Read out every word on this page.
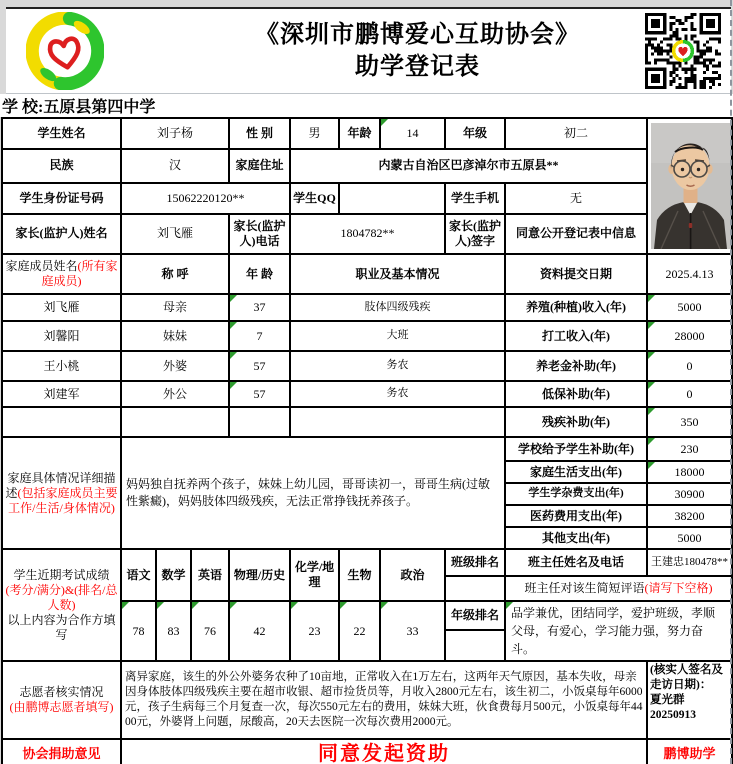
《深圳市鹏博爱心互助协会》
助学登记表
学 校:五原县第四中学
学生姓名	刘子杨			性 别	男	年龄	14	年级	初二	
民族	汉			家庭住址	内蒙古自治区巴彦淖尔市五原县**					
学生身份证号码	15062220120**				学生QQ			学生手机	无	
家长(监护人)姓名	刘飞雁			家长(监护人)电话	1804782**			家长(监护人)签字	同意公开登记表中信息	
家庭成员姓名(所有家庭成员)	称 呼			年 龄	职业及基本情况				资料提交日期	2025.4.13
刘飞雁	母亲			37	肢体四级残疾				养殖(种植)收入(年)	5000
刘馨阳	妹妹			7	大班				打工收入(年)	28000
王小桃	外婆			57	务农				养老金补助(年)	0
刘建军	外公			57	务农				低保补助(年)	0
									残疾补助(年)	350
家庭具体情况详细描述(包括家庭成员主要工作/生活/身体情况)	妈妈独自抚养两个孩子，妹妹上幼儿园，哥哥读初一，哥哥生病(过敏性紫癜)，妈妈肢体四级残疾，无法正常挣钱抚养孩子。								学校给予学生补助(年)	230
									家庭生活支出(年)	18000
									学生学杂费支出(年)	30900
									医药费用支出(年)	38200
									其他支出(年)	5000

学生近期考试成绩
(考分/满分)&(排名/总人数)
以上内容为合作方填写	语文	数学	英语	物理/历史	化学/地理	生物	政治	班级排名	班主任姓名及电话	王建忠180478**
									班主任对该生简短评语(请写下空格)	
	78	83	76	42	23	22	33	年级排名	品学兼优，团结同学，爱护班级，孝顺父母，有爱心，学习能力强，努力奋斗。	

志愿者核实情况
(由鹏博志愿者填写)
	离异家庭，该生的外公外婆务农种了10亩地，正常收入在1万左右，这两年天气原因，基本失收，母亲因身体肢体四级残疾主要在超市收银、超市捡货员等，月收入2800元左右，该生初二，小饭桌每年6000元，孩子生病每三个月复查一次，每次550元左右的费用，妹妹大班，伙食费每月500元，小饭桌每年4400元，外婆肾上问题，尿酸高，20天去医院一次每次费用2000元。	(核实人签名及走访日期)：
夏光群
20250913

协会捐助意见	同意发起资助									鹏博助学
